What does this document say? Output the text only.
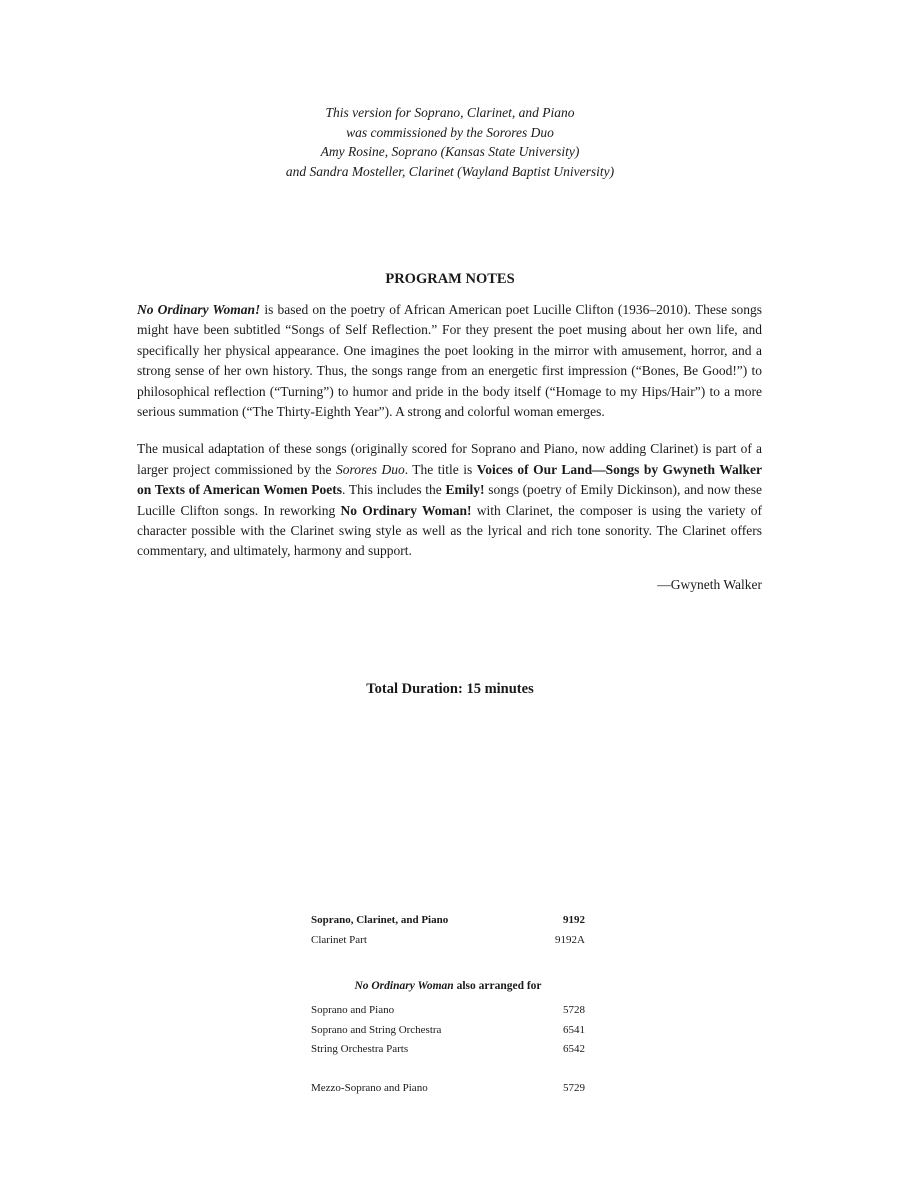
This version for Soprano, Clarinet, and Piano
was commissioned by the Sorores Duo
Amy Rosine, Soprano (Kansas State University)
and Sandra Mosteller, Clarinet (Wayland Baptist University)
PROGRAM NOTES

No Ordinary Woman! is based on the poetry of African American poet Lucille Clifton (1936–2010). These songs might have been subtitled “Songs of Self Reflection.” For they present the poet musing about her own life, and specifically her physical appearance. One imagines the poet looking in the mirror with amusement, horror, and a strong sense of her own history. Thus, the songs range from an energetic first impression (“Bones, Be Good!”) to philosophical reflection (“Turning”) to humor and pride in the body itself (“Homage to my Hips/Hair”) to a more serious summation (“The Thirty-Eighth Year”). A strong and colorful woman emerges.

The musical adaptation of these songs (originally scored for Soprano and Piano, now adding Clarinet) is part of a larger project commissioned by the Sorores Duo. The title is Voices of Our Land—Songs by Gwyneth Walker on Texts of American Women Poets. This includes the Emily! songs (poetry of Emily Dickinson), and now these Lucille Clifton songs. In reworking No Ordinary Woman! with Clarinet, the composer is using the variety of character possible with the Clarinet swing style as well as the lyrical and rich tone sonority. The Clarinet offers commentary, and ultimately, harmony and support.

—Gwyneth Walker
Total Duration: 15 minutes
Soprano, Clarinet, and Piano	9192
Clarinet Part	9192A
No Ordinary Woman also arranged for
Soprano and Piano	5728
Soprano and String Orchestra	6541
String Orchestra Parts	6542
Mezzo-Soprano and Piano	5729
